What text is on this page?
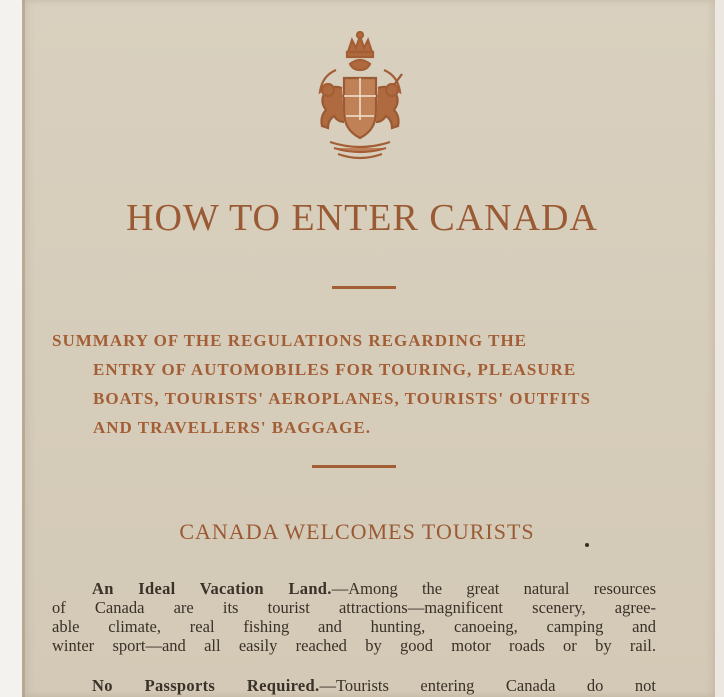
HOW TO ENTER CANADA
SUMMARY OF THE REGULATIONS REGARDING THE
ENTRY OF AUTOMOBILES FOR TOURING, PLEASURE
BOATS, TOURISTS' AEROPLANES, TOURISTS' OUTFITS
AND TRAVELLERS' BAGGAGE.
CANADA WELCOMES TOURISTS
An Ideal Vacation Land.—Among the great natural resources
of Canada are its tourist attractions—magnificent scenery, agree-
able climate, real fishing and hunting, canoeing, camping and
winter sport—and all easily reached by good motor roads or by rail.
No Passports Required.—Tourists entering Canada do not
